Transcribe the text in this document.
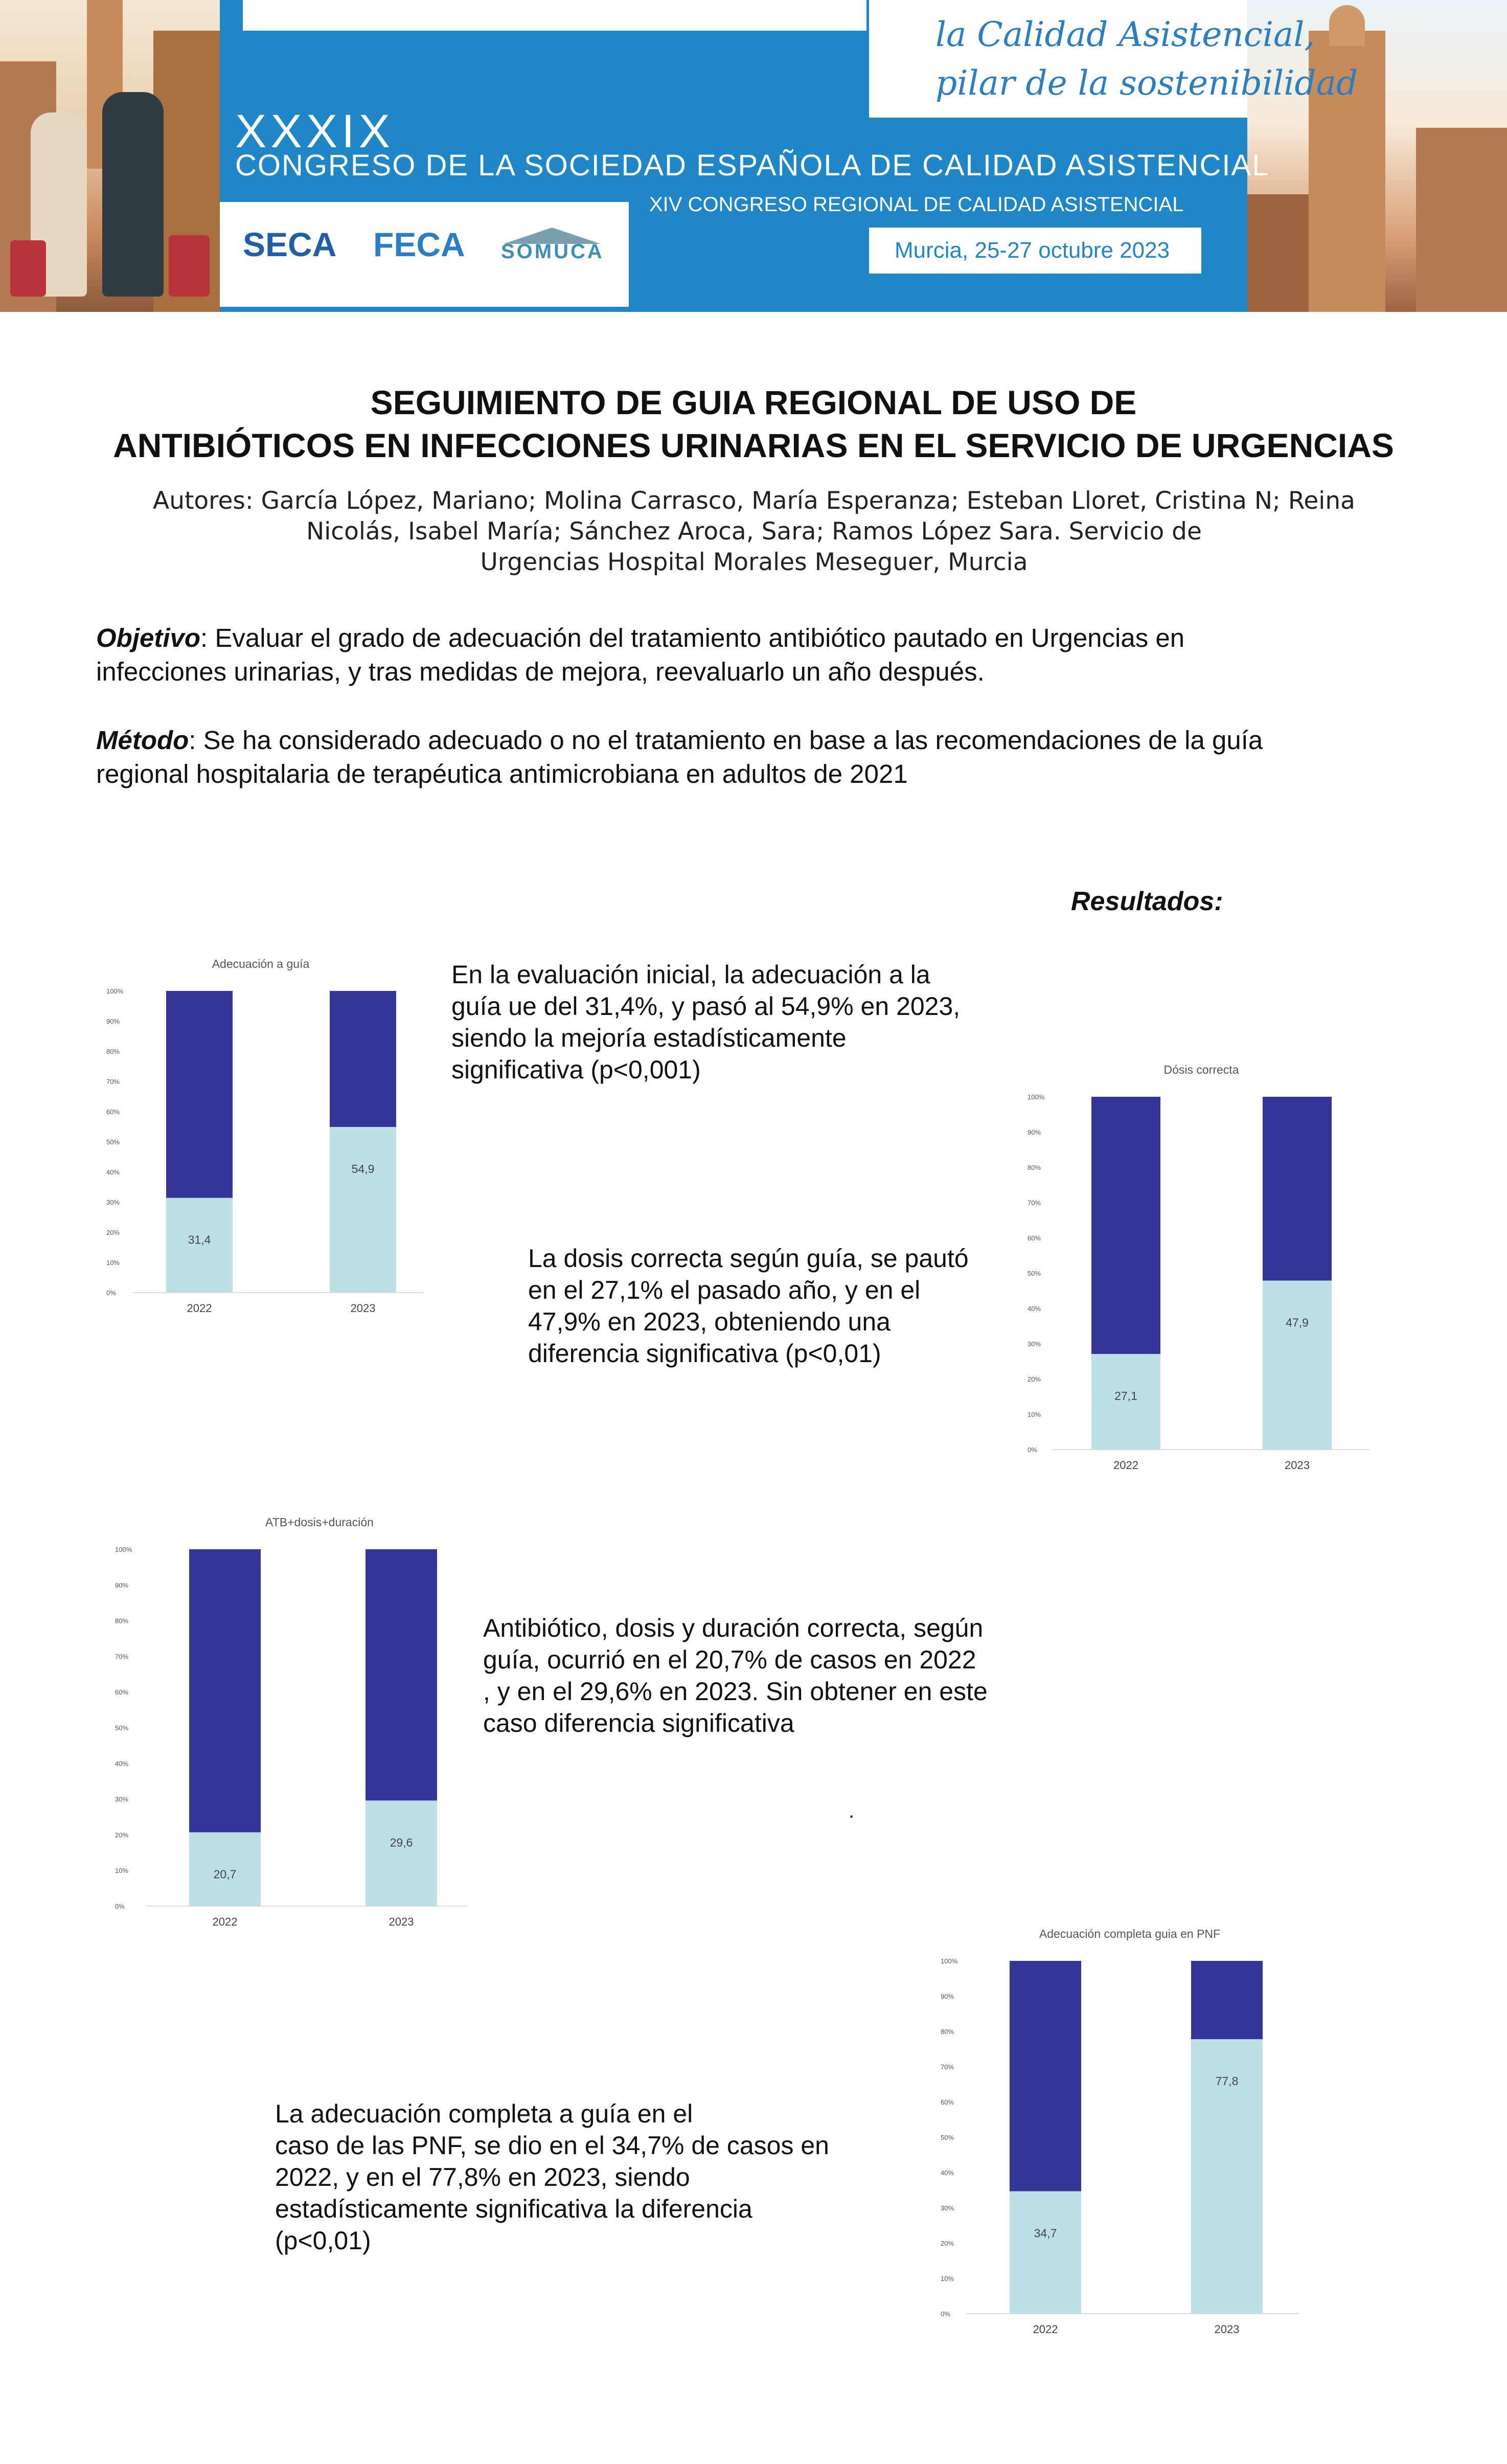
la Calidad Asistencial,
pilar de la sostenibilidad
XXXIX
CONGRESO DE LA SOCIEDAD ESPAÑOLA DE CALIDAD ASISTENCIAL
XIV CONGRESO REGIONAL DE CALIDAD ASISTENCIAL
Murcia, 25-27 octubre 2023
SECA FECA SOMUCA
SEGUIMIENTO DE GUIA REGIONAL DE USO DE
ANTIBIÓTICOS EN INFECCIONES URINARIAS EN EL SERVICIO DE URGENCIAS
Autores: García López, Mariano; Molina Carrasco, María Esperanza; Esteban Lloret, Cristina N; Reina
Nicolás, Isabel María; Sánchez Aroca, Sara; Ramos López Sara. Servicio de
Urgencias Hospital Morales Meseguer, Murcia
Objetivo: Evaluar el grado de adecuación del tratamiento antibiótico pautado en Urgencias en
infecciones urinarias, y tras medidas de mejora, reevaluarlo un año después.
Método: Se ha considerado adecuado o no el tratamiento en base a las recomendaciones de la guía
regional hospitalaria de terapéutica antimicrobiana en adultos de 2021
Resultados:
En la evaluación inicial, la adecuación a la
guía ue del 31,4%, y pasó al 54,9% en 2023,
siendo la mejoría estadísticamente
significativa (p<0,001)
La dosis correcta según guía, se pautó
en el 27,1% el pasado año, y en el
47,9% en 2023, obteniendo una
diferencia significativa (p<0,01)
Antibiótico, dosis y duración correcta, según
guía, ocurrió en el 20,7% de casos en 2022
, y en el 29,6% en 2023. Sin obtener en este
caso diferencia significativa
.
La adecuación completa a guía en el
caso de las PNF, se dio en el 34,7% de casos en
2022, y en el 77,8% en 2023, siendo
estadísticamente significativa la diferencia
(p<0,01)
Adecuación a guía
0%
10%
20%
30%
40%
50%
60%
70%
80%
90%
100%
31,4
2022
54,9
2023
Dósis correcta
0%
10%
20%
30%
40%
50%
60%
70%
80%
90%
100%
27,1
2022
47,9
2023
ATB+dosis+duración
0%
10%
20%
30%
40%
50%
60%
70%
80%
90%
100%
20,7
2022
29,6
2023
Adecuación completa guia en PNF
0%
10%
20%
30%
40%
50%
60%
70%
80%
90%
100%
34,7
2022
77,8
2023
